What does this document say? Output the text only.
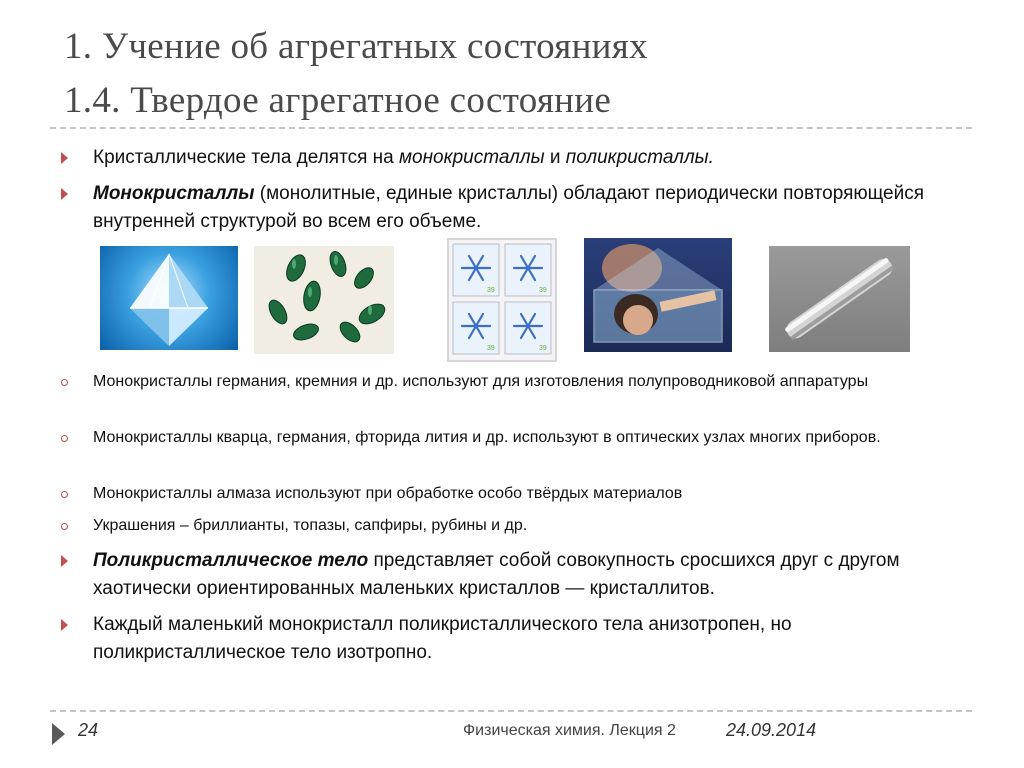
1. Учение об агрегатных состояниях
1.4. Твердое агрегатное состояние
Кристаллические тела делятся на монокристаллы и поликристаллы.
Монокристаллы (монолитные, единые кристаллы) обладают периодически повторяющейся внутренней структурой во всем его объеме.
39	39
39	39
Монокристаллы германия, кремния и др. используют для изготовления полупроводниковой аппаратуры
Монокристаллы кварца, германия, фторида лития и др. используют в оптических узлах многих приборов.
Монокристаллы алмаза используют при обработке особо твёрдых материалов
Украшения – бриллианты, топазы, сапфиры, рубины и др.
Поликристаллическое тело представляет собой совокупность сросшихся друг с другом хаотически ориентированных маленьких кристаллов — кристаллитов.
Каждый маленький монокристалл поликристаллического тела анизотропен, но поликристаллическое тело изотропно.
24	Физическая химия. Лекция 2	24.09.2014
